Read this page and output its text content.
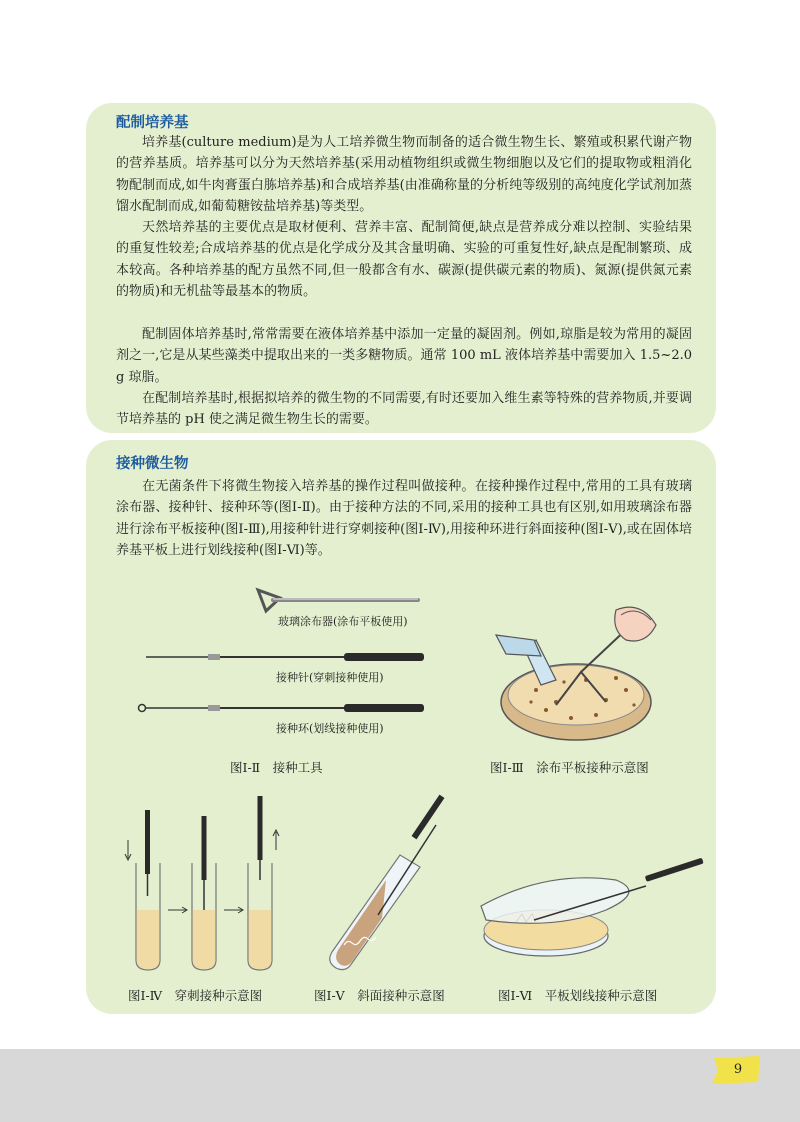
配制培养基

培养基(culture medium)是为人工培养微生物而制备的适合微生物生长、繁殖或积累代谢产物的营养基质。培养基可以分为天然培养基(采用动植物组织或微生物细胞以及它们的提取物或粗消化物配制而成,如牛肉膏蛋白胨培养基)和合成培养基(由准确称量的分析纯等级别的高纯度化学试剂加蒸馏水配制而成,如葡萄糖铵盐培养基)等类型。

天然培养基的主要优点是取材便利、营养丰富、配制简便,缺点是营养成分难以控制、实验结果的重复性较差;合成培养基的优点是化学成分及其含量明确、实验的可重复性好,缺点是配制繁琐、成本较高。各种培养基的配方虽然不同,但一般都含有水、碳源(提供碳元素的物质)、氮源(提供氮元素的物质)和无机盐等最基本的物质。

配制固体培养基时,常常需要在液体培养基中添加一定量的凝固剂。例如,琼脂是较为常用的凝固剂之一,它是从某些藻类中提取出来的一类多糖物质。通常 100 mL 液体培养基中需要加入 1.5~2.0 g 琼脂。

在配制培养基时,根据拟培养的微生物的不同需要,有时还要加入维生素等特殊的营养物质,并要调节培养基的 pH 使之满足微生物生长的需要。

接种微生物

在无菌条件下将微生物接入培养基的操作过程叫做接种。在接种操作过程中,常用的工具有玻璃涂布器、接种针、接种环等(图Ⅰ-Ⅱ)。由于接种方法的不同,采用的接种工具也有区别,如用玻璃涂布器进行涂布平板接种(图Ⅰ-Ⅲ),用接种针进行穿刺接种(图Ⅰ-Ⅳ),用接种环进行斜面接种(图Ⅰ-Ⅴ),或在固体培养基平板上进行划线接种(图Ⅰ-Ⅵ)等。

玻璃涂布器(涂布平板使用)
接种针(穿刺接种使用)
接种环(划线接种使用)
图Ⅰ-Ⅱ　接种工具	图Ⅰ-Ⅲ　涂布平板接种示意图
图Ⅰ-Ⅳ　穿刺接种示意图	图Ⅰ-Ⅴ　斜面接种示意图	图Ⅰ-Ⅵ　平板划线接种示意图
9
